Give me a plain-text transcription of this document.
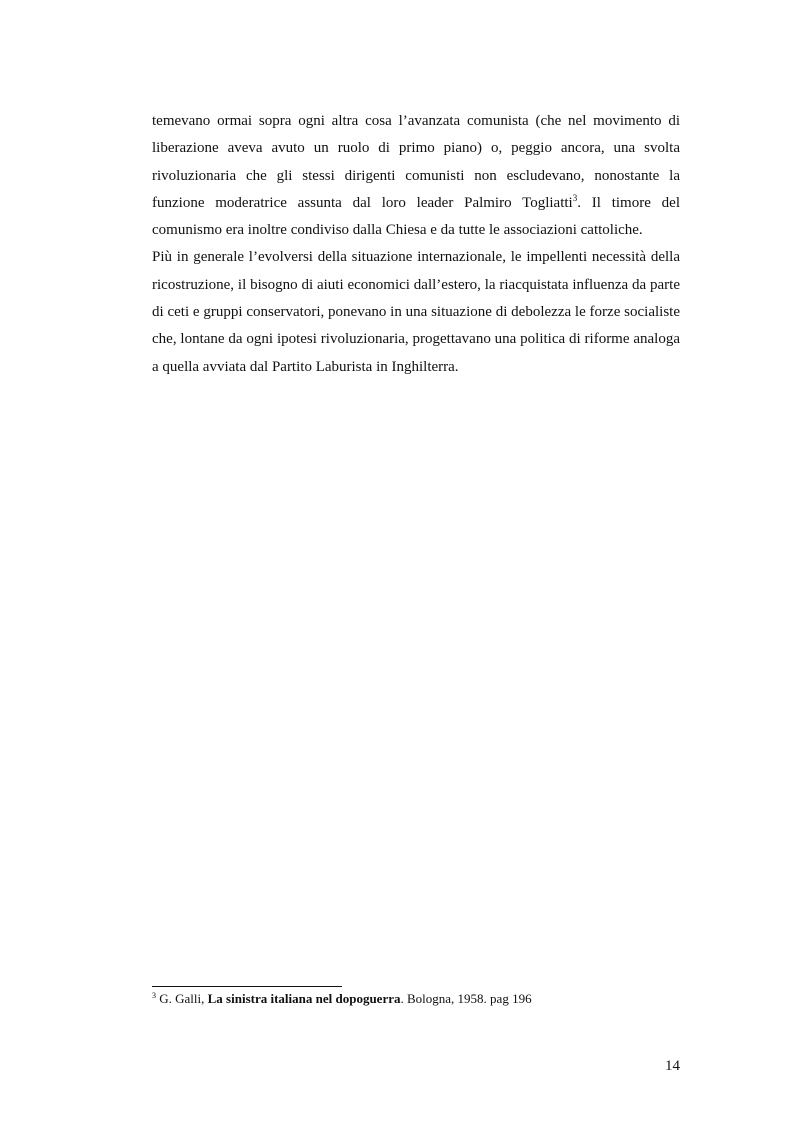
temevano ormai sopra ogni altra cosa l’avanzata comunista (che nel movimento di liberazione aveva avuto un ruolo di primo piano) o, peggio ancora, una svolta rivoluzionaria che gli stessi dirigenti comunisti non escludevano, nonostante la funzione moderatrice assunta dal loro leader Palmiro Togliatti$^3$. Il timore del comunismo era inoltre condiviso dalla Chiesa e da tutte le associazioni cattoliche.

Più in generale l’evolversi della situazione internazionale, le impellenti necessità della ricostruzione, il bisogno di aiuti economici dall’estero, la riacquistata influenza da parte di ceti e gruppi conservatori, ponevano in una situazione di debolezza le forze socialiste che, lontane da ogni ipotesi rivoluzionaria, progettavano una politica di riforme analoga a quella avviata dal Partito Laburista in Inghilterra.

$^3$ G. Galli, La sinistra italiana nel dopoguerra. Bologna, 1958. pag 196

14
